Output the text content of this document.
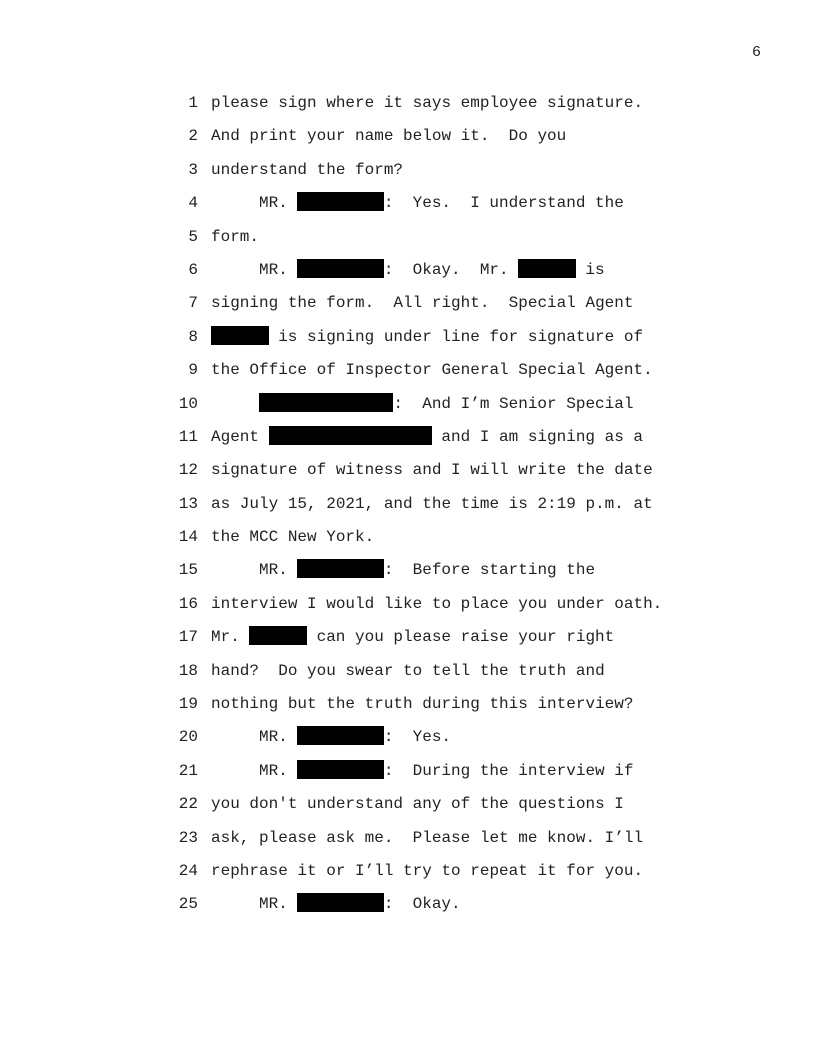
6
1 please sign where it says employee signature.
2 And print your name below it.  Do you
3 understand the form?
4 MR.	:  Yes.  I understand the
5 form.
6 MR.	:  Okay.  Mr.	is
7 signing the form.  All right.  Special Agent
8	is signing under line for signature of
9 the Office of Inspector General Special Agent.
10	:  And I’m Senior Special
11 Agent	and I am signing as a
12 signature of witness and I will write the date
13 as July 15, 2021, and the time is 2:19 p.m. at
14 the MCC New York.
15 MR.	:  Before starting the
16 interview I would like to place you under oath.
17 Mr.	can you please raise your right
18 hand?  Do you swear to tell the truth and
19 nothing but the truth during this interview?
20 MR.	:  Yes.
21 MR.	:  During the interview if
22 you don't understand any of the questions I
23 ask, please ask me.  Please let me know. I’ll
24 rephrase it or I’ll try to repeat it for you.
25 MR.	:  Okay.
